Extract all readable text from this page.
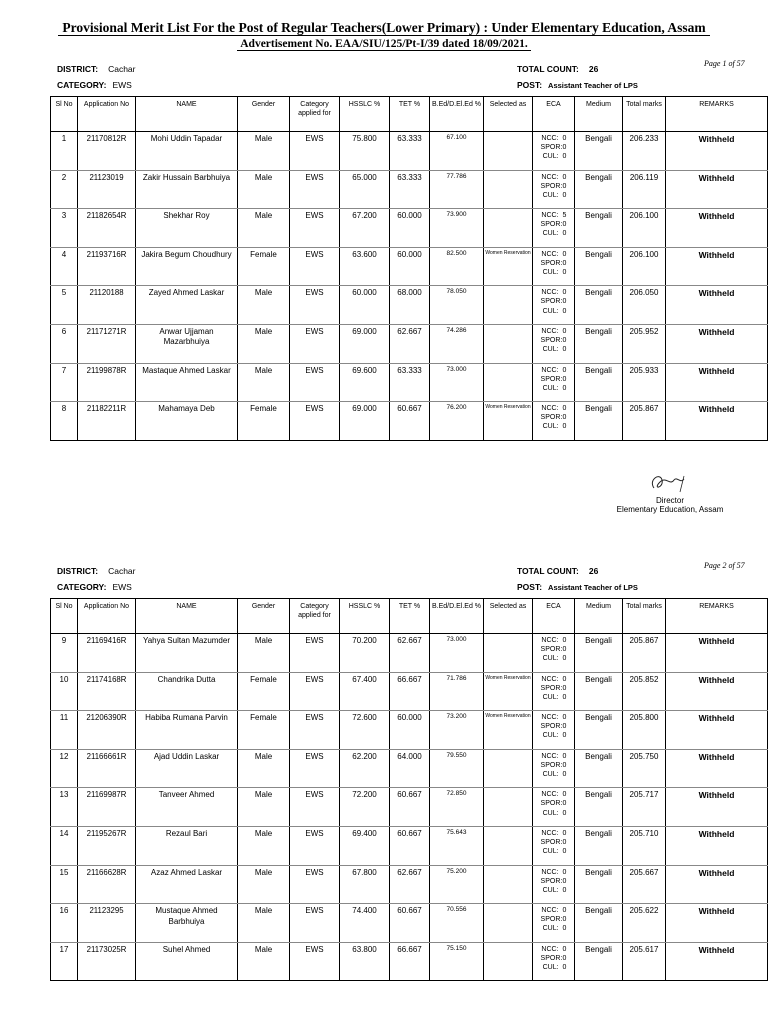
Provisional Merit List For the Post of Regular Teachers(Lower Primary) : Under Elementary Education, Assam
Advertisement No. EAA/SIU/125/Pt-I/39 dated 18/09/2021.
DISTRICT: Cachar
CATEGORY: EWS
TOTAL COUNT: 26
POST: Assistant Teacher of LPS
Page 1 of 57
Sl No	Application No	NAME	Gender	Category applied for	HSSLC %	TET %	B.Ed/D.El.Ed %	Selected as	ECA	Medium	Total marks	REMARKS
1	21170812R	Mohi Uddin Tapadar	Male	EWS	75.800	63.333	67.100		NCC: 0
SPOR:0
CUL: 0	Bengali	206.233	Withheld
2	21123019	Zakir Hussain Barbhuiya	Male	EWS	65.000	63.333	77.786		NCC: 0
SPOR:0
CUL: 0	Bengali	206.119	Withheld
3	21182654R	Shekhar Roy	Male	EWS	67.200	60.000	73.900		NCC: 5
SPOR:0
CUL: 0	Bengali	206.100	Withheld
4	21193716R	Jakira Begum Choudhury	Female	EWS	63.600	60.000	82.500	Women Reservation	NCC: 0
SPOR:0
CUL: 0	Bengali	206.100	Withheld
5	21120188	Zayed Ahmed Laskar	Male	EWS	60.000	68.000	78.050		NCC: 0
SPOR:0
CUL: 0	Bengali	206.050	Withheld
6	21171271R	Anwar Ujjaman Mazarbhuiya	Male	EWS	69.000	62.667	74.286		NCC: 0
SPOR:0
CUL: 0	Bengali	205.952	Withheld
7	21199878R	Mastaque Ahmed Laskar	Male	EWS	69.600	63.333	73.000		NCC: 0
SPOR:0
CUL: 0	Bengali	205.933	Withheld
8	21182211R	Mahamaya Deb	Female	EWS	69.000	60.667	76.200	Women Reservation	NCC: 0
SPOR:0
CUL: 0	Bengali	205.867	Withheld
Director
Elementary Education, Assam
DISTRICT: Cachar
CATEGORY: EWS
TOTAL COUNT: 26
POST: Assistant Teacher of LPS
Page 2 of 57
Sl No	Application No	NAME	Gender	Category applied for	HSSLC %	TET %	B.Ed/D.El.Ed %	Selected as	ECA	Medium	Total marks	REMARKS
9	21169416R	Yahya Sultan Mazumder	Male	EWS	70.200	62.667	73.000		NCC: 0
SPOR:0
CUL: 0	Bengali	205.867	Withheld
10	21174168R	Chandrika Dutta	Female	EWS	67.400	66.667	71.786	Women Reservation	NCC: 0
SPOR:0
CUL: 0	Bengali	205.852	Withheld
11	21206390R	Habiba Rumana Parvin	Female	EWS	72.600	60.000	73.200	Women Reservation	NCC: 0
SPOR:0
CUL: 0	Bengali	205.800	Withheld
12	21166661R	Ajad Uddin Laskar	Male	EWS	62.200	64.000	79.550		NCC: 0
SPOR:0
CUL: 0	Bengali	205.750	Withheld
13	21169987R	Tanveer Ahmed	Male	EWS	72.200	60.667	72.850		NCC: 0
SPOR:0
CUL: 0	Bengali	205.717	Withheld
14	21195267R	Rezaul Bari	Male	EWS	69.400	60.667	75.643		NCC: 0
SPOR:0
CUL: 0	Bengali	205.710	Withheld
15	21166628R	Azaz Ahmed Laskar	Male	EWS	67.800	62.667	75.200		NCC: 0
SPOR:0
CUL: 0	Bengali	205.667	Withheld
16	21123295	Mustaque Ahmed Barbhuiya	Male	EWS	74.400	60.667	70.556		NCC: 0
SPOR:0
CUL: 0	Bengali	205.622	Withheld
17	21173025R	Suhel Ahmed	Male	EWS	63.800	66.667	75.150		NCC: 0
SPOR:0
CUL: 0	Bengali	205.617	Withheld
